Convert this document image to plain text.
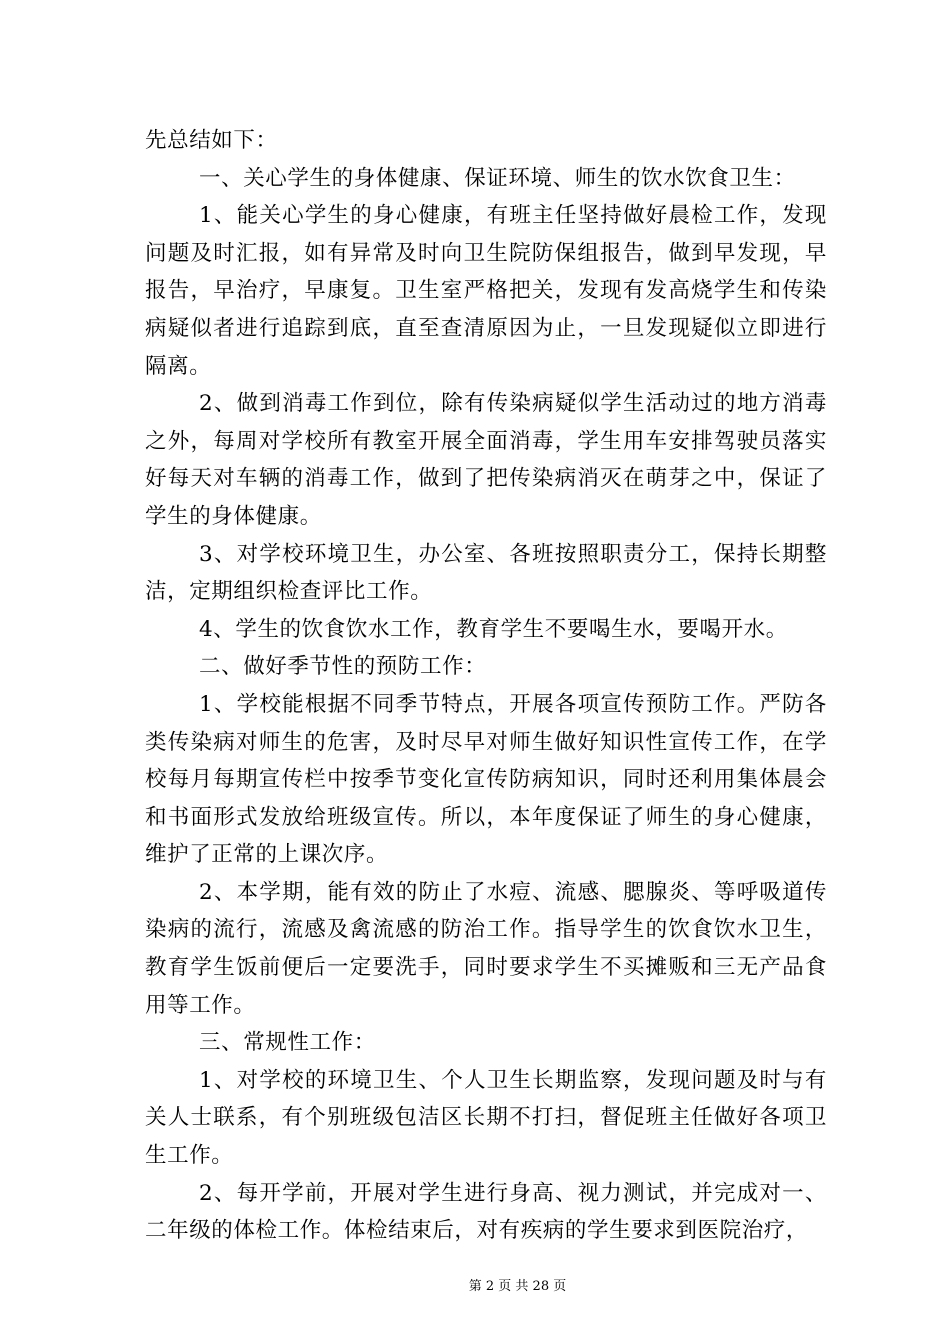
先总结如下：

一、关心学生的身体健康、保证环境、师生的饮水饮食卫生：

1、能关心学生的身心健康，有班主任坚持做好晨检工作，发现问题及时汇报，如有异常及时向卫生院防保组报告，做到早发现，早报告，早治疗，早康复。卫生室严格把关，发现有发高烧学生和传染病疑似者进行追踪到底，直至查清原因为止，一旦发现疑似立即进行隔离。

2、做到消毒工作到位，除有传染病疑似学生活动过的地方消毒之外，每周对学校所有教室开展全面消毒，学生用车安排驾驶员落实好每天对车辆的消毒工作，做到了把传染病消灭在萌芽之中，保证了学生的身体健康。

3、对学校环境卫生，办公室、各班按照职责分工，保持长期整洁，定期组织检查评比工作。

4、学生的饮食饮水工作，教育学生不要喝生水，要喝开水。

二、做好季节性的预防工作：

1、学校能根据不同季节特点，开展各项宣传预防工作。严防各类传染病对师生的危害，及时尽早对师生做好知识性宣传工作，在学校每月每期宣传栏中按季节变化宣传防病知识，同时还利用集体晨会和书面形式发放给班级宣传。所以，本年度保证了师生的身心健康，维护了正常的上课次序。

2、本学期，能有效的防止了水痘、流感、腮腺炎、等呼吸道传染病的流行，流感及禽流感的防治工作。指导学生的饮食饮水卫生，教育学生饭前便后一定要洗手，同时要求学生不买摊贩和三无产品食用等工作。

三、常规性工作：

1、对学校的环境卫生、个人卫生长期监察，发现问题及时与有关人士联系，有个别班级包洁区长期不打扫，督促班主任做好各项卫生工作。

2、每开学前，开展对学生进行身高、视力测试，并完成对一、二年级的体检工作。体检结束后，对有疾病的学生要求到医院治疗，

第 2 页 共 28 页
